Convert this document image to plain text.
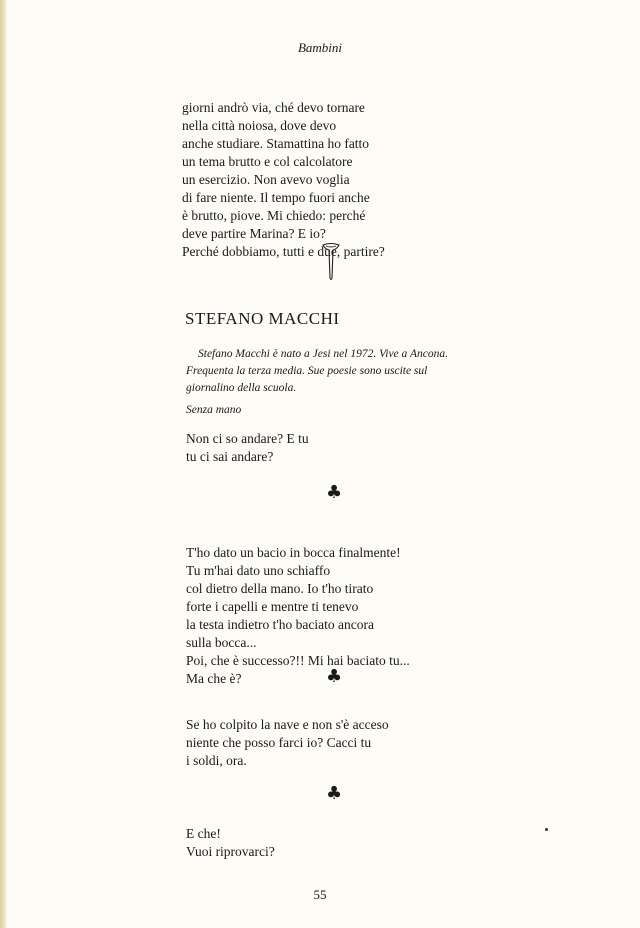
Bambini
giorni andrò via, ché devo tornare
nella città noiosa, dove devo
anche studiare. Stamattina ho fatto
un tema brutto e col calcolatore
un esercizio. Non avevo voglia
di fare niente. Il tempo fuori anche
è brutto, piove. Mi chiedo: perché
deve partire Marina? E io?
Perché dobbiamo, tutti e due, partire?
STEFANO MACCHI
Stefano Macchi è nato a Jesi nel 1972. Vive a Ancona. Frequenta la terza media. Sue poesie sono uscite sul giornalino della scuola.
Senza mano
Non ci so andare? E tu
tu ci sai andare?
♣
T'ho dato un bacio in bocca finalmente!
Tu m'hai dato uno schiaffo
col dietro della mano. Io t'ho tirato
forte i capelli e mentre ti tenevo
la testa indietro t'ho baciato ancora
sulla bocca...
Poi, che è successo?!! Mi hai baciato tu...
Ma che è?	♣
Se ho colpito la nave e non s'è acceso
niente che posso farci io? Cacci tu
i soldi, ora.
♣
E che!
Vuoi riprovarci?
55
